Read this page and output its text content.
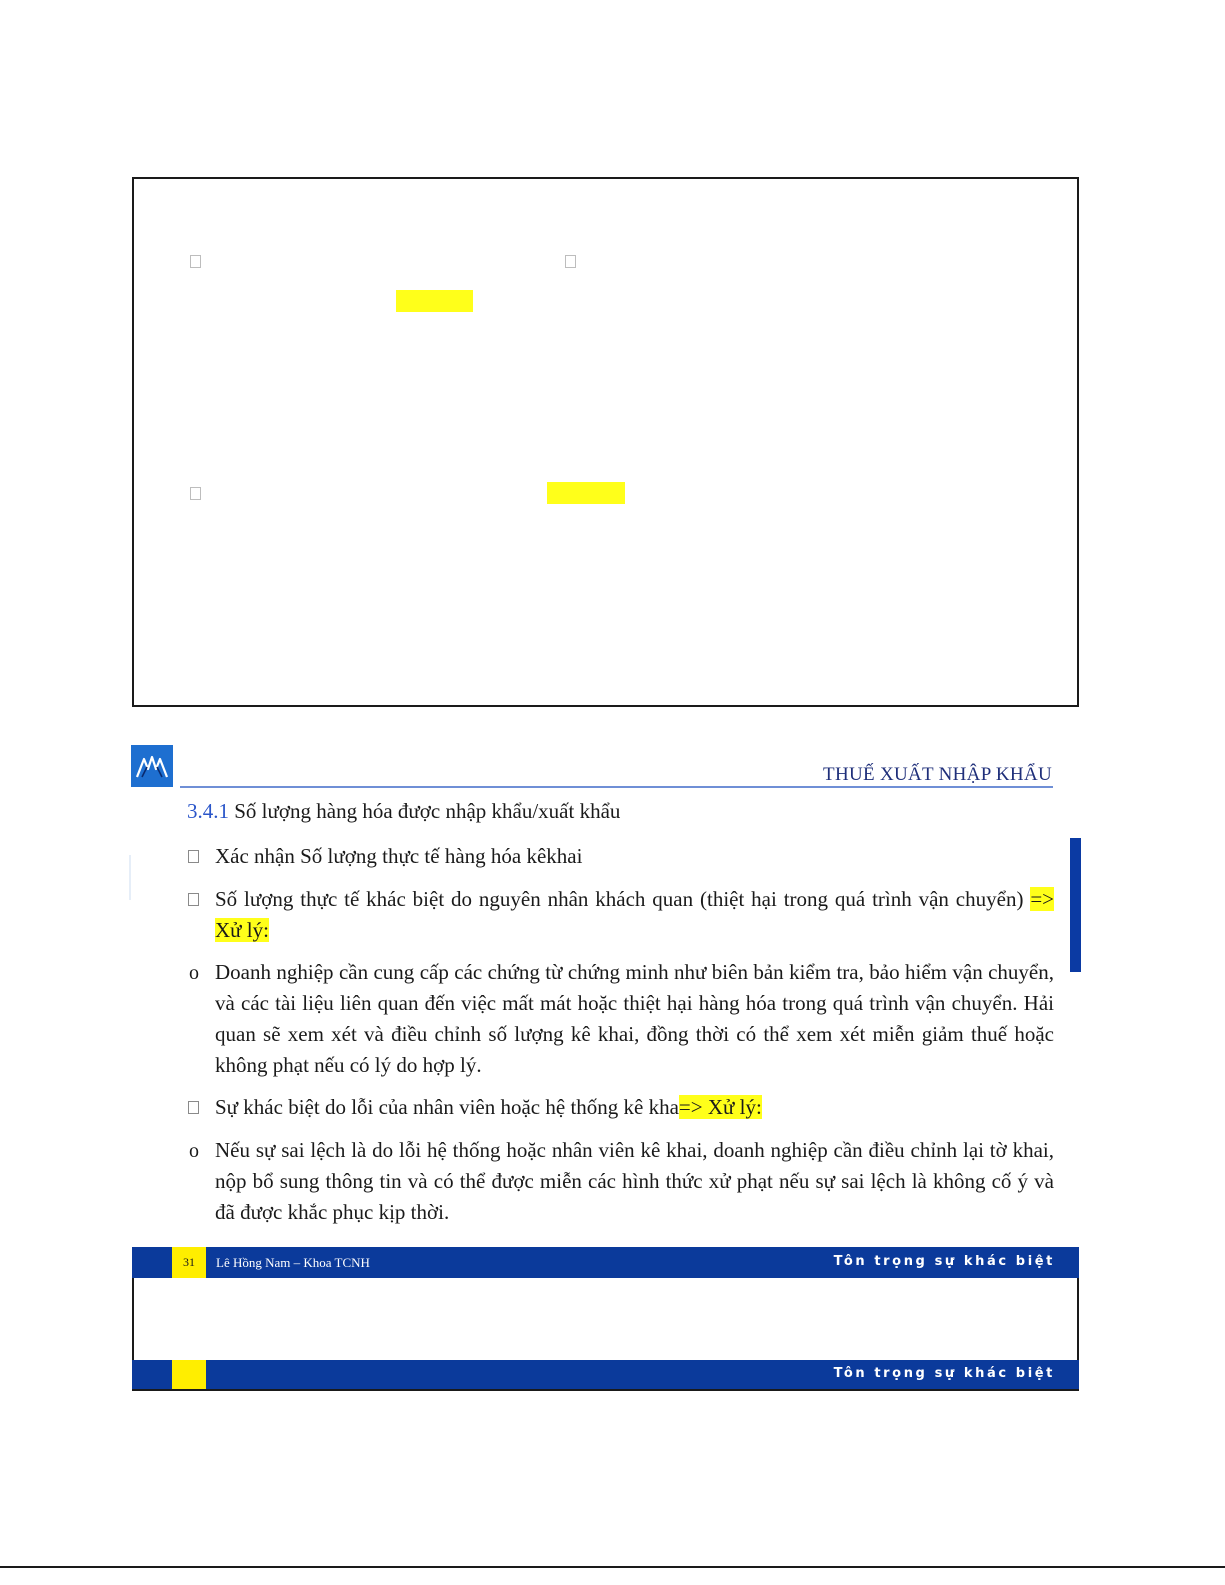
THUẾ XUẤT NHẬP KHẨU
3.4.1 Số lượng hàng hóa được nhập khẩu/xuất khẩu
Xác nhận Số lượng thực tế hàng hóa kêkhai
Số lượng thực tế khác biệt do nguyên nhân khách quan (thiệt hại trong quá trình vận chuyển) => Xử lý:
o Doanh nghiệp cần cung cấp các chứng từ chứng minh như biên bản kiểm tra, bảo hiểm vận chuyển, và các tài liệu liên quan đến việc mất mát hoặc thiệt hại hàng hóa trong quá trình vận chuyển. Hải quan sẽ xem xét và điều chỉnh số lượng kê khai, đồng thời có thể xem xét miễn giảm thuế hoặc không phạt nếu có lý do hợp lý.
Sự khác biệt do lỗi của nhân viên hoặc hệ thống kê kha=> Xử lý:
o Nếu sự sai lệch là do lỗi hệ thống hoặc nhân viên kê khai, doanh nghiệp cần điều chỉnh lại tờ khai, nộp bổ sung thông tin và có thể được miễn các hình thức xử phạt nếu sự sai lệch là không cố ý và đã được khắc phục kịp thời.
31	Lê Hồng Nam – Khoa TCNH	Tôn trọng sự khác biệt
Tôn trọng sự khác biệt
